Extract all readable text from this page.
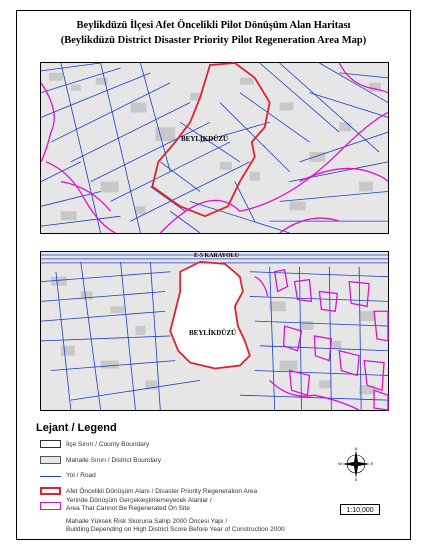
Beylikdüzü İlçesi Afet Öncelikli Pilot Dönüşüm Alan Haritası
(Beylikdüzü District Disaster Priority Pilot Regeneration Area Map)
BEYLİKDÜZÜ
E-5 KARAYOLU
BEYLİKDÜZÜ
Lejant / Legend
İlçe Sınırı / County Boundary
Mahalle Sınırı / District Boundary
Yol / Road
Afet Öncelikli Dönüşüm Alanı / Disaster Priority Regeneration Area
Yerinde Dönüşüm Gerçekleştirilemeyecek Alanlar /
Area That Cannot Be Regenerated On Site
Mahalle Yüksek Risk Skoruna Sahip 2000 Öncesi Yapı /
Building Depending on High District Score Before Year of Construction 2000
N
S
E
W
1:10,000
